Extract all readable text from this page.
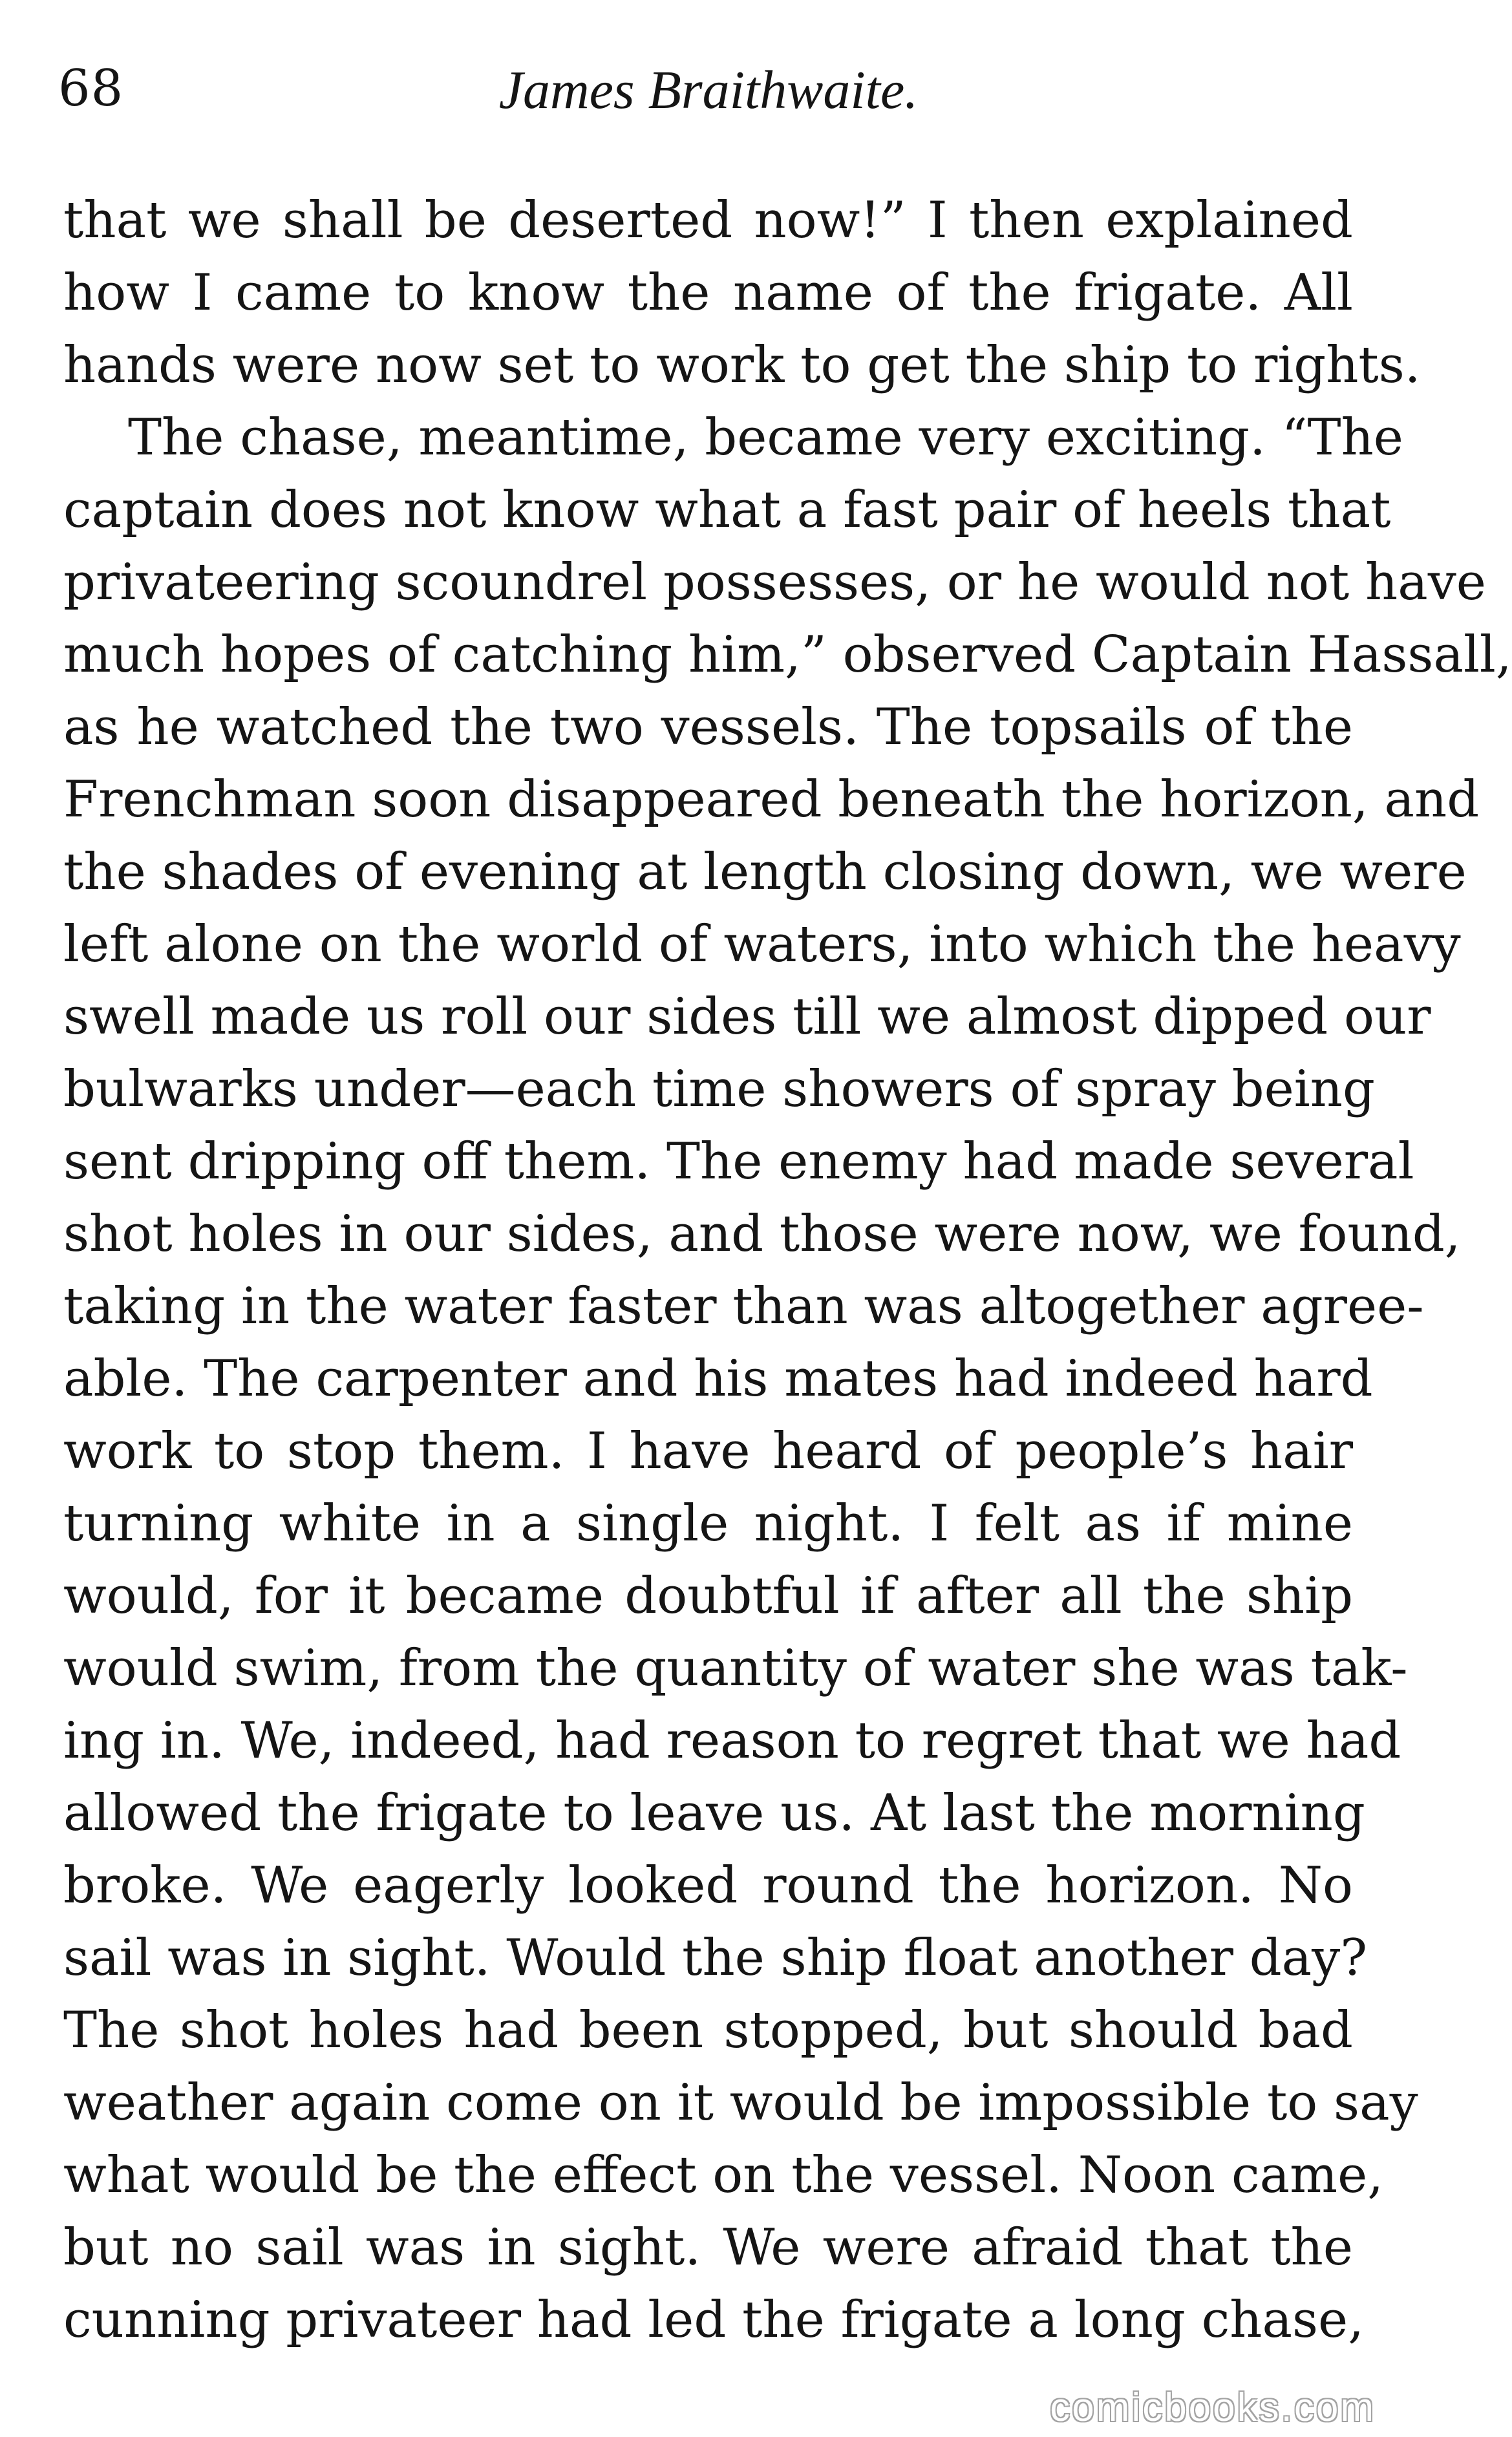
68	James Braithwaite.
that we shall be deserted now!” I then explained
how I came to know the name of the frigate. All
hands were now set to work to get the ship to rights.
The chase, meantime, became very exciting. “The
captain does not know what a fast pair of heels that
privateering scoundrel possesses, or he would not have
much hopes of catching him,” observed Captain Hassall,
as he watched the two vessels. The topsails of the
Frenchman soon disappeared beneath the horizon, and
the shades of evening at length closing down, we were
left alone on the world of waters, into which the heavy
swell made us roll our sides till we almost dipped our
bulwarks under—each time showers of spray being
sent dripping off them. The enemy had made several
shot holes in our sides, and those were now, we found,
taking in the water faster than was altogether agree-
able. The carpenter and his mates had indeed hard
work to stop them. I have heard of people’s hair
turning white in a single night. I felt as if mine
would, for it became doubtful if after all the ship
would swim, from the quantity of water she was tak-
ing in. We, indeed, had reason to regret that we had
allowed the frigate to leave us. At last the morning
broke. We eagerly looked round the horizon. No
sail was in sight. Would the ship float another day?
The shot holes had been stopped, but should bad
weather again come on it would be impossible to say
what would be the effect on the vessel. Noon came,
but no sail was in sight. We were afraid that the
cunning privateer had led the frigate a long chase,
comicbooks.com
